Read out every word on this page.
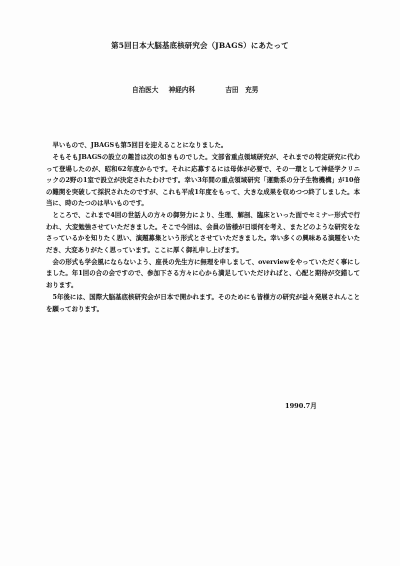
第5回日本大脳基底核研究会（JBAGS）にあたって
自治医大 神経内科	吉田　充男

早いもので、JBAGSも第5回目を迎えることになりました。

そもそもJBAGSの設立の趣旨は次の如きものでした。文部省重点領域研究が、それまでの特定研究に代わって登場したのが、昭和62年度からです。それに応募するには母体が必要で、その一環として神経学クリニックの2野の1室で設立が決定されたわけです。幸い3年間の重点領域研究「運動系の分子生物機構」が10倍の難関を突破して採択されたのですが、これも平成1年度をもって、大きな成果を収めつつ終了しました。本当に、時のたつのは早いものです。

ところで、これまで4回の世話人の方々の御努力により、生理、解剖、臨床といった面でセミナー形式で行われ、大変勉強させていただきました。そこで今回は、会員の皆様が日頃何を考え、またどのような研究をなさっているかを知りたく思い、演題募集という形式とさせていただきました。幸い多くの興味ある演題をいただき、大変ありがたく思っています。ここに厚く御礼申し上げます。

会の形式も学会風にならないよう、座長の先生方に無理を申しまして、overviewをやっていただく事にしました。年1回の合の会ですので、参加下さる方々に心から満足していただければと、心配と期待が交錯しております。

5年後には、国際大脳基底核研究会が日本で開かれます。そのためにも皆様方の研究が益々発展されんことを願っております。

1990.7月
